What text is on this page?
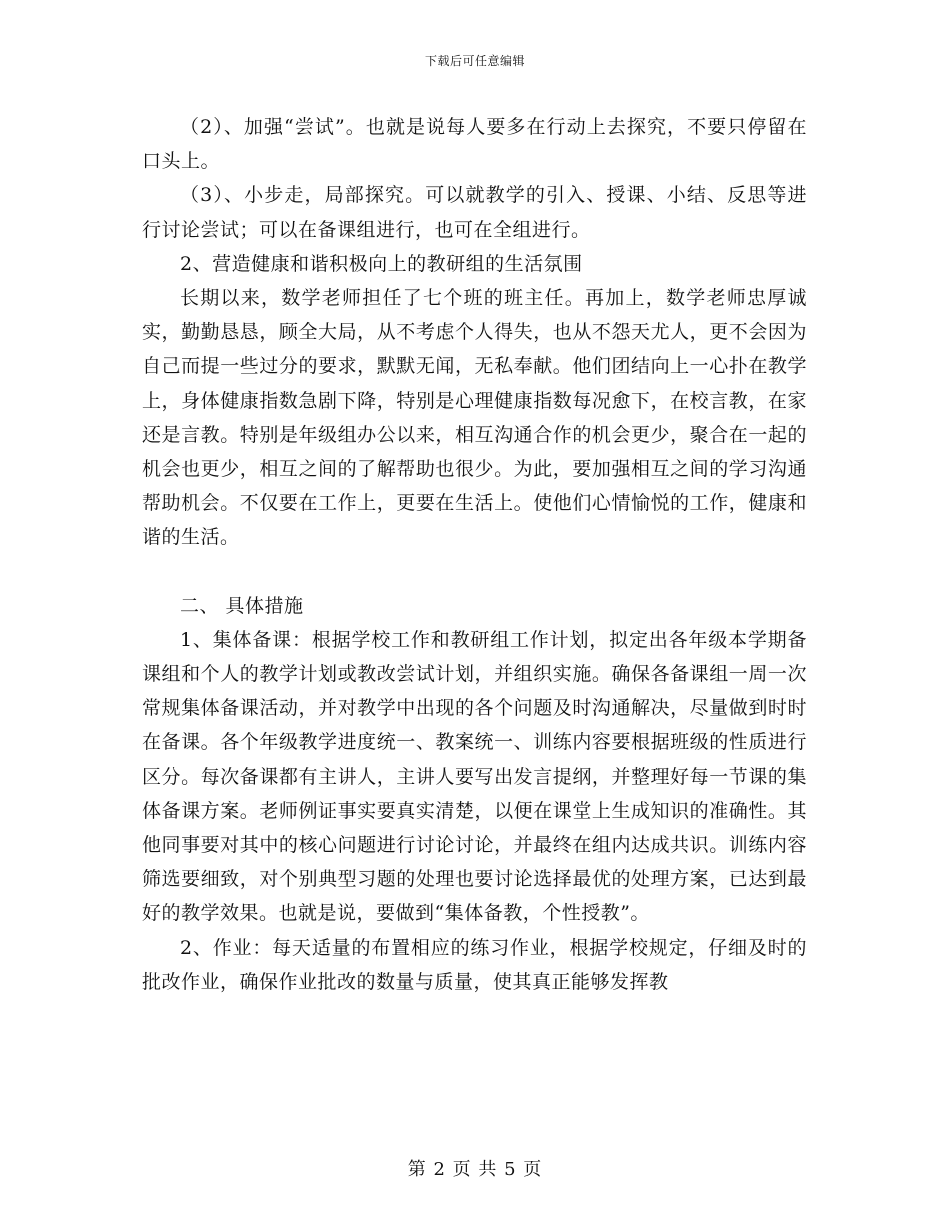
下载后可任意编辑

（2）、加强“尝试”。也就是说每人要多在行动上去探究，不要只停留在口头上。

（3）、小步走，局部探究。可以就教学的引入、授课、小结、反思等进行讨论尝试；可以在备课组进行，也可在全组进行。

2、营造健康和谐积极向上的教研组的生活氛围

长期以来，数学老师担任了七个班的班主任。再加上，数学老师忠厚诚实，勤勤恳恳，顾全大局，从不考虑个人得失，也从不怨天尤人，更不会因为自己而提一些过分的要求，默默无闻，无私奉献。他们团结向上一心扑在教学上，身体健康指数急剧下降，特别是心理健康指数每况愈下，在校言教，在家还是言教。特别是年级组办公以来，相互沟通合作的机会更少，聚合在一起的机会也更少，相互之间的了解帮助也很少。为此，要加强相互之间的学习沟通帮助机会。不仅要在工作上，更要在生活上。使他们心情愉悦的工作，健康和谐的生活。

二、 具体措施

1、集体备课：根据学校工作和教研组工作计划，拟定出各年级本学期备课组和个人的教学计划或教改尝试计划，并组织实施。确保各备课组一周一次常规集体备课活动，并对教学中出现的各个问题及时沟通解决，尽量做到时时在备课。各个年级教学进度统一、教案统一、训练内容要根据班级的性质进行区分。每次备课都有主讲人，主讲人要写出发言提纲，并整理好每一节课的集体备课方案。老师例证事实要真实清楚，以便在课堂上生成知识的准确性。其他同事要对其中的核心问题进行讨论讨论，并最终在组内达成共识。训练内容筛选要细致，对个别典型习题的处理也要讨论选择最优的处理方案，已达到最好的教学效果。也就是说，要做到“集体备教，个性授教”。

2、作业：每天适量的布置相应的练习作业，根据学校规定，仔细及时的批改作业，确保作业批改的数量与质量，使其真正能够发挥教

第 2 页 共 5 页
